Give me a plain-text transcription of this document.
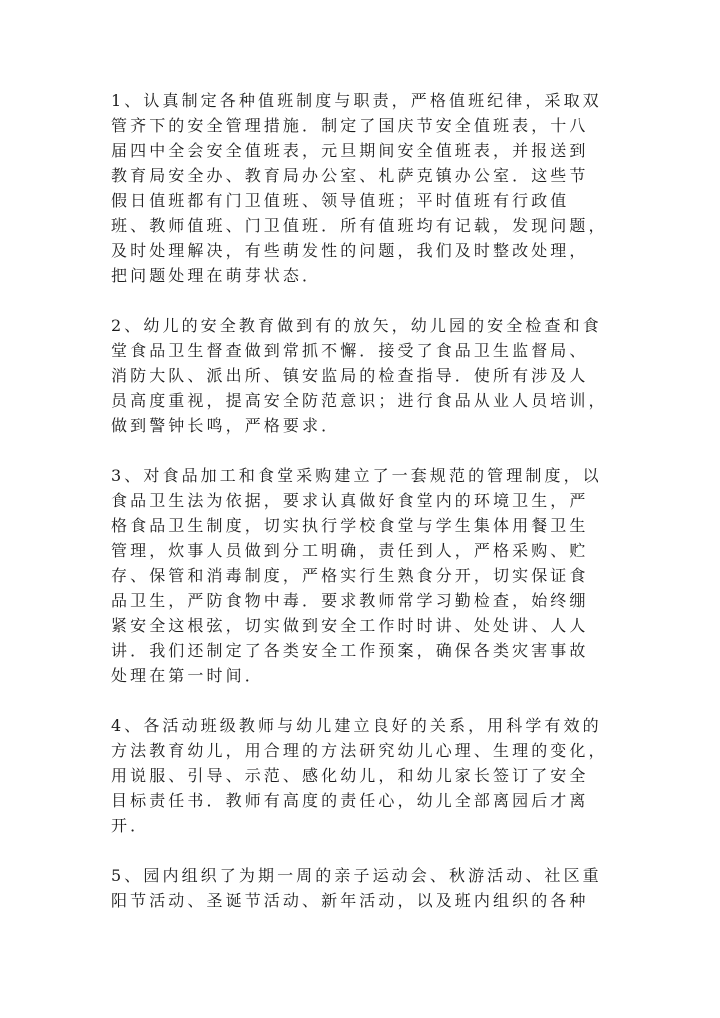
1、认真制定各种值班制度与职责，严格值班纪律，采取双
管齐下的安全管理措施．制定了国庆节安全值班表，十八
届四中全会安全值班表，元旦期间安全值班表，并报送到
教育局安全办、教育局办公室、札萨克镇办公室．这些节
假日值班都有门卫值班、领导值班；平时值班有行政值
班、教师值班、门卫值班．所有值班均有记载，发现问题，
及时处理解决，有些萌发性的问题，我们及时整改处理，
把问题处理在萌芽状态．
2、幼儿的安全教育做到有的放矢，幼儿园的安全检查和食
堂食品卫生督查做到常抓不懈．接受了食品卫生监督局、
消防大队、派出所、镇安监局的检查指导．使所有涉及人
员高度重视，提高安全防范意识；进行食品从业人员培训，
做到警钟长鸣，严格要求．
3、对食品加工和食堂采购建立了一套规范的管理制度，以
食品卫生法为依据，要求认真做好食堂内的环境卫生，严
格食品卫生制度，切实执行学校食堂与学生集体用餐卫生
管理，炊事人员做到分工明确，责任到人，严格采购、贮
存、保管和消毒制度，严格实行生熟食分开，切实保证食
品卫生，严防食物中毒．要求教师常学习勤检查，始终绷
紧安全这根弦，切实做到安全工作时时讲、处处讲、人人
讲．我们还制定了各类安全工作预案，确保各类灾害事故
处理在第一时间．
4、各活动班级教师与幼儿建立良好的关系，用科学有效的
方法教育幼儿，用合理的方法研究幼儿心理、生理的变化，
用说服、引导、示范、感化幼儿，和幼儿家长签订了安全
目标责任书．教师有高度的责任心，幼儿全部离园后才离
开．
5、园内组织了为期一周的亲子运动会、秋游活动、社区重
阳节活动、圣诞节活动、新年活动，以及班内组织的各种
